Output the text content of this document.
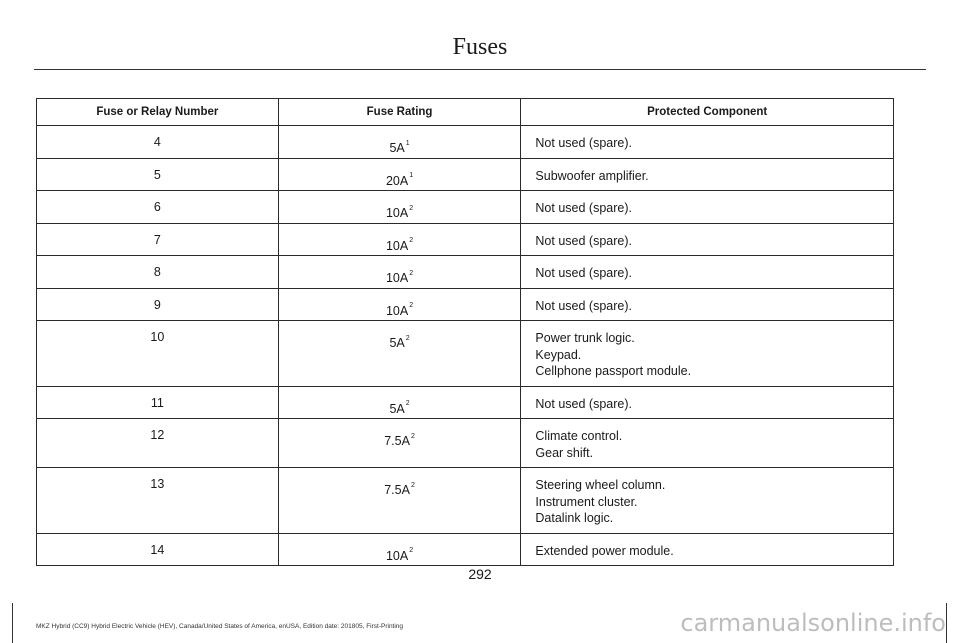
Fuses
Fuse or Relay Number	Fuse Rating	Protected Component
4	$5A^1$	Not used (spare).

5	$20A^1$	Subwoofer amplifier.

6	$10A^2$	Not used (spare).

7	$10A^2$	Not used (spare).

8	$10A^2$	Not used (spare).

9	$10A^2$	Not used (spare).

10	$5A^2$	Power trunk logic.
Keypad.
Cellphone passport module.

11	$5A^2$	Not used (spare).

12	$7.5A^2$	Climate control.
Gear shift.

13	$7.5A^2$	Steering wheel column.
Instrument cluster.
Datalink logic.

14	$10A^2$	Extended power module.
292
MKZ Hybrid (CC9) Hybrid Electric Vehicle (HEV), Canada/United States of America, enUSA, Edition date: 201805, First-Printing	carmanualsonline.info
